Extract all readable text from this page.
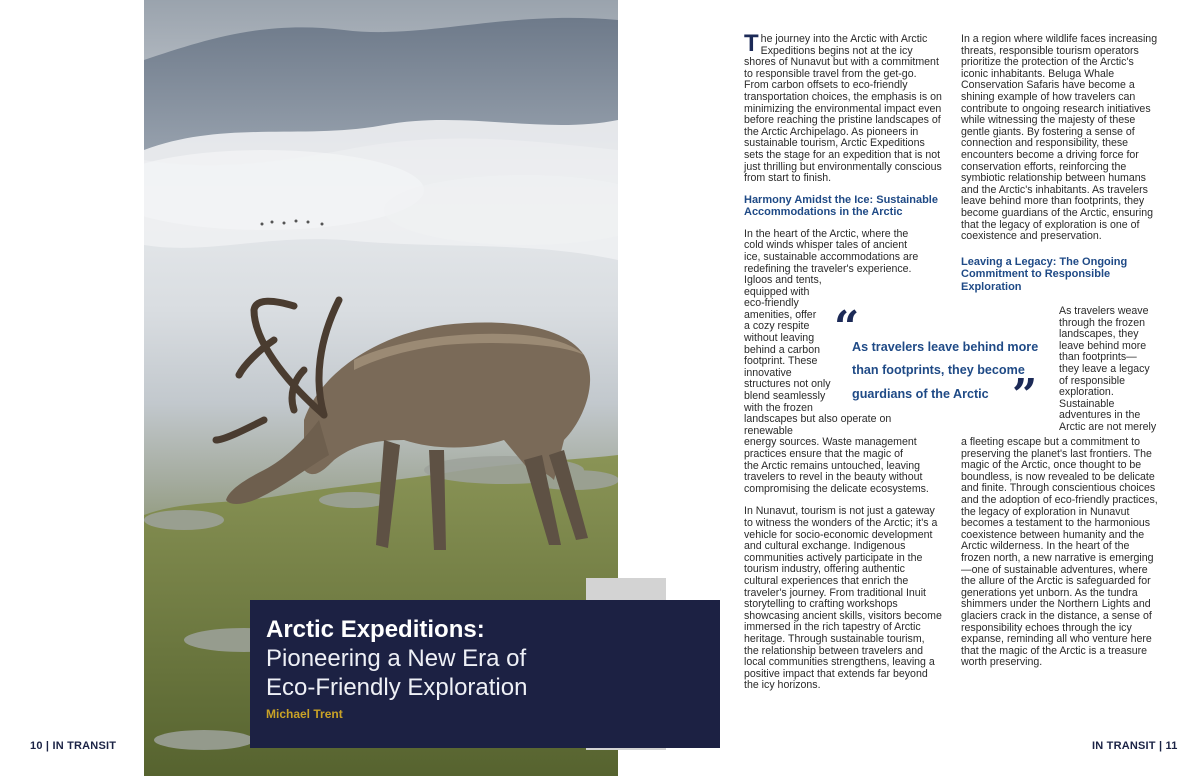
10 | IN TRANSIT
Arctic Expeditions:
Pioneering a New Era of
Eco-Friendly Exploration
Michael Trent

The journey into the Arctic with Arctic Expeditions begins not at the icy shores of Nunavut but with a commitment to responsible travel from the get-go. From carbon offsets to eco-friendly transportation choices, the emphasis is on minimizing the environmental impact even before reaching the pristine landscapes of the Arctic Archipelago. As pioneers in sustainable tourism, Arctic Expeditions sets the stage for an expedition that is not just thrilling but environmentally conscious from start to finish.

Harmony Amidst the Ice: Sustainable Accommodations in the Arctic

In the heart of the Arctic, where the
cold winds whisper tales of ancient
ice, sustainable accommodations are
redefining the traveler's experience.
Igloos and tents,
equipped with
eco-friendly
amenities, offer
a cozy respite
without leaving
behind a carbon
footprint. These
innovative
structures not only
blend seamlessly
with the frozen
landscapes but also operate on renewable
energy sources. Waste management
practices ensure that the magic of
the Arctic remains untouched, leaving
travelers to revel in the beauty without
compromising the delicate ecosystems.

In Nunavut, tourism is not just a gateway to witness the wonders of the Arctic; it's a vehicle for socio-economic development and cultural exchange. Indigenous communities actively participate in the tourism industry, offering authentic cultural experiences that enrich the traveler's journey. From traditional Inuit storytelling to crafting workshops showcasing ancient skills, visitors become immersed in the rich tapestry of Arctic heritage. Through sustainable tourism, the relationship between travelers and local communities strengthens, leaving a positive impact that extends far beyond the icy horizons.

In a region where wildlife faces increasing threats, responsible tourism operators prioritize the protection of the Arctic's iconic inhabitants. Beluga Whale Conservation Safaris have become a shining example of how travelers can contribute to ongoing research initiatives while witnessing the majesty of these gentle giants. By fostering a sense of connection and responsibility, these encounters become a driving force for conservation efforts, reinforcing the symbiotic relationship between humans and the Arctic's inhabitants. As travelers leave behind more than footprints, they become guardians of the Arctic, ensuring that the legacy of exploration is one of coexistence and preservation.

Leaving a Legacy: The Ongoing Commitment to Responsible Exploration

As travelers weave
through the frozen
landscapes, they
leave behind more
than footprints—
they leave a legacy
of responsible
exploration.
Sustainable
adventures in the
Arctic are not merely
a fleeting escape but a commitment to preserving the planet's last frontiers. The magic of the Arctic, once thought to be boundless, is now revealed to be delicate and finite. Through conscientious choices and the adoption of eco-friendly practices, the legacy of exploration in Nunavut becomes a testament to the harmonious coexistence between humanity and the Arctic wilderness. In the heart of the frozen north, a new narrative is emerging—one of sustainable adventures, where the allure of the Arctic is safeguarded for generations yet unborn. As the tundra shimmers under the Northern Lights and glaciers crack in the distance, a sense of responsibility echoes through the icy expanse, reminding all who venture here that the magic of the Arctic is a treasure worth preserving.
“
As travelers leave behind more
than footprints, they become
guardians of the Arctic ”
IN TRANSIT | 11
